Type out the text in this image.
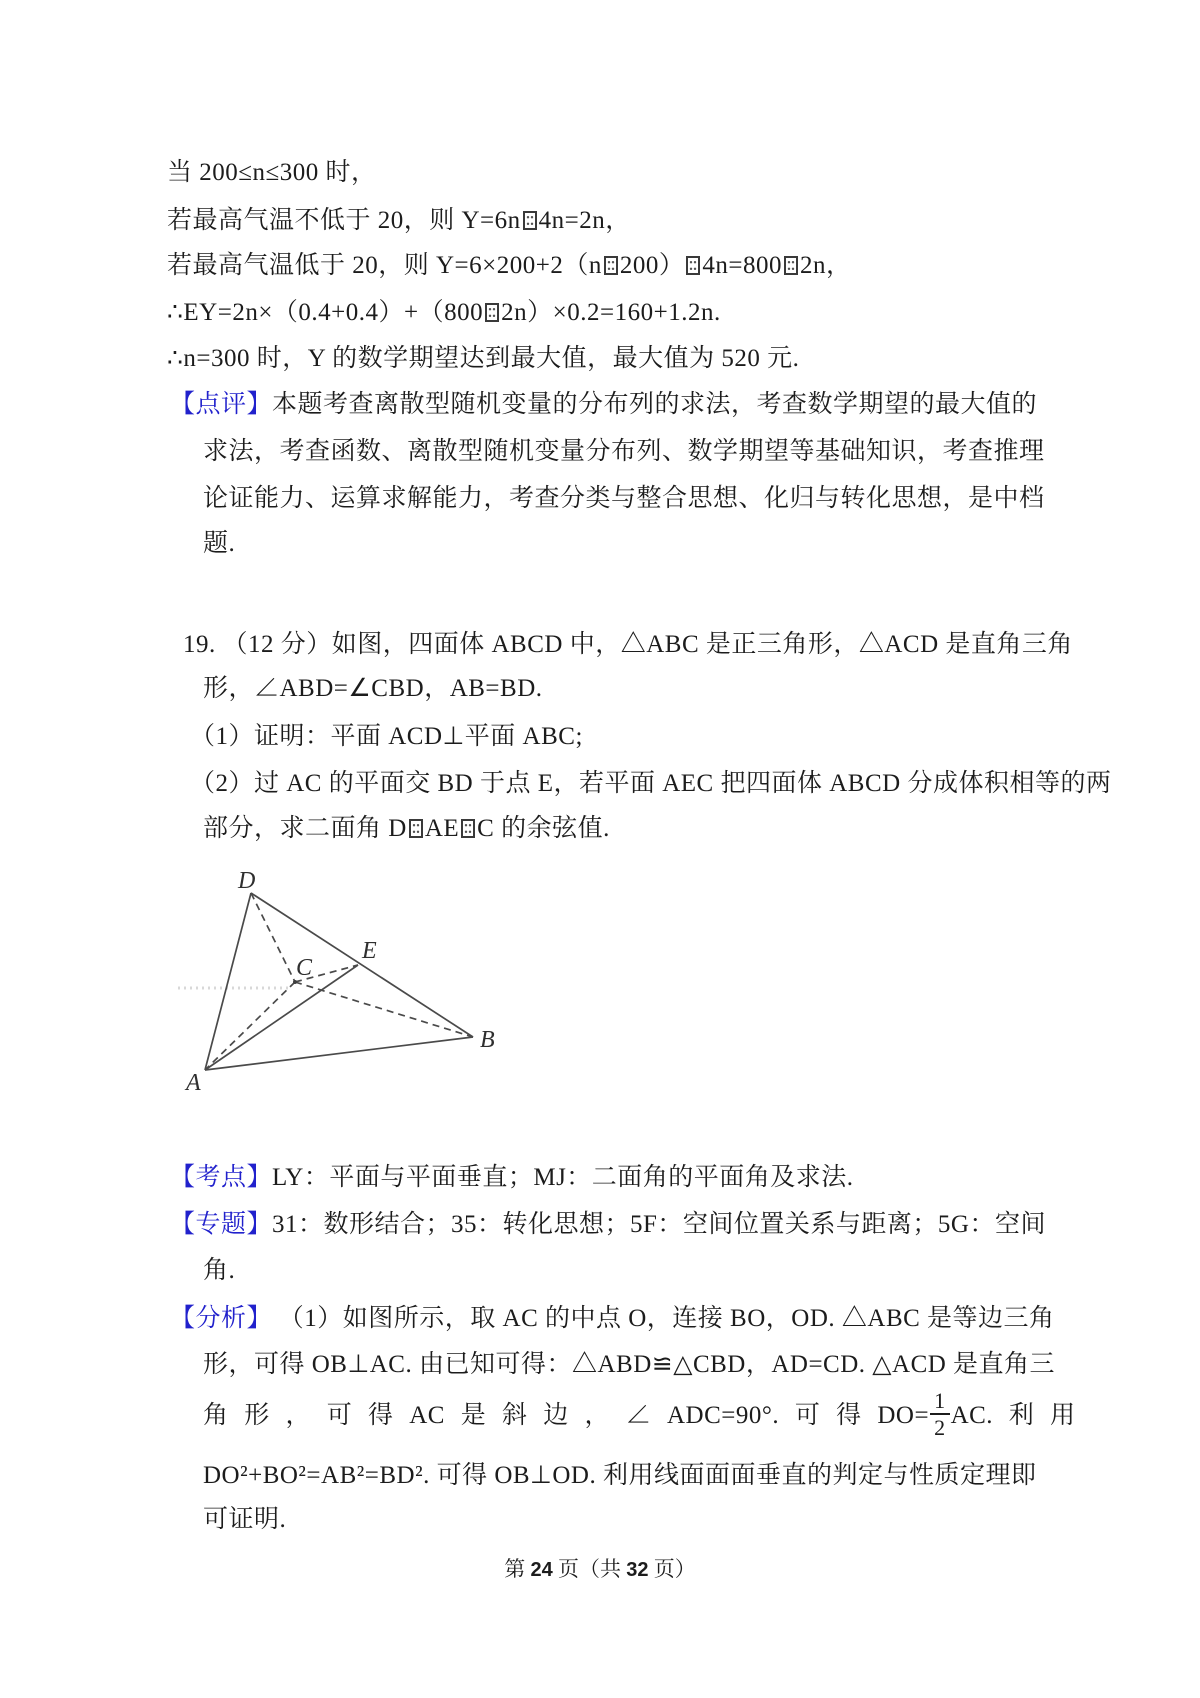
当 200≤n≤300 时，
若最高气温不低于 20，则 Y=6n 4n=2n，
若最高气温低于 20，则 Y=6×200+2（n 200） 4n=800 2n，
∴EY=2n×（0.4+0.4）+（800 2n）×0.2=160+1.2n.
∴n=300 时，Y 的数学期望达到最大值，最大值为 520 元.
【点评】本题考查离散型随机变量的分布列的求法，考查数学期望的最大值的
求法，考查函数、离散型随机变量分布列、数学期望等基础知识，考查推理
论证能力、运算求解能力，考查分类与整合思想、化归与转化思想，是中档
题.
19. （12 分）如图，四面体 ABCD 中，△ABC 是正三角形，△ACD 是直角三角
形，∠ABD=∠CBD，AB=BD.
（1）证明：平面 ACD⊥平面 ABC;
（2）过 AC 的平面交 BD 于点 E，若平面 AEC 把四面体 ABCD 分成体积相等的两
部分，求二面角 D AE C 的余弦值.
【考点】LY：平面与平面垂直；MJ：二面角的平面角及求法.
【专题】31：数形结合；35：转化思想；5F：空间位置关系与距离；5G：空间
角.
【分析】 （1）如图所示，取 AC 的中点 O，连接 BO，OD. △ABC 是等边三角
形，可得 OB⊥AC. 由已知可得：△ABD≌△CBD，AD=CD. △ACD 是直角三
角 形 ， 可 得 AC 是 斜 边 ， ∠ ADC=90°. 可 得 $DO= \frac{1}{2}$ AC. 利 用
DO²+BO²=AB²=BD². 可得 OB⊥OD. 利用线面面面垂直的判定与性质定理即
可证明.
D
E
C
B
A
第 24 页（共 32 页）
